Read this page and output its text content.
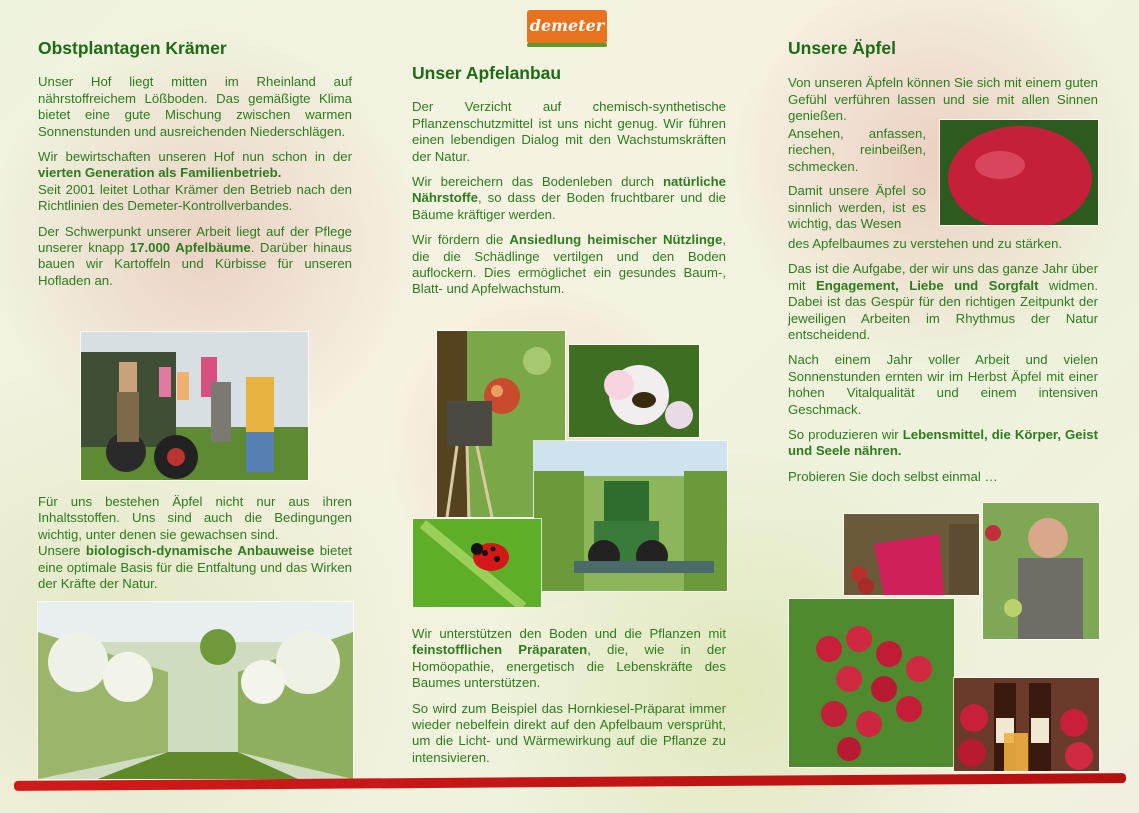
demeter
Obstplantagen Krämer

Unser Hof liegt mitten im Rheinland auf nährstoffreichem Lößboden. Das gemäßigte Klima bietet eine gute Mischung zwischen warmen Sonnenstunden und ausreichenden Niederschlägen.

Wir bewirtschaften unseren Hof nun schon in der vierten Generation als Familienbetrieb.

Seit 2001 leitet Lothar Krämer den Betrieb nach den Richtlinien des Demeter-Kontrollverbandes.

Der Schwerpunkt unserer Arbeit liegt auf der Pflege unserer knapp 17.000 Apfelbäume. Darüber hinaus bauen wir Kartoffeln und Kürbisse für unseren Hofladen an.

Für uns bestehen Äpfel nicht nur aus ihren Inhaltsstoffen. Uns sind auch die Bedingungen wichtig, unter denen sie gewachsen sind.

Unsere biologisch-dynamische Anbauweise bietet eine optimale Basis für die Entfaltung und das Wirken der Kräfte der Natur.

Unser Apfelanbau

Der Verzicht auf chemisch-synthetische Pflanzenschutzmittel ist uns nicht genug. Wir führen einen lebendigen Dialog mit den Wachstumskräften der Natur.

Wir bereichern das Bodenleben durch natürliche Nährstoffe, so dass der Boden fruchtbarer und die Bäume kräftiger werden.

Wir fördern die Ansiedlung heimischer Nützlinge, die die Schädlinge vertilgen und den Boden auflockern. Dies ermöglichet ein gesundes Baum-, Blatt- und Apfelwachstum.

Wir unterstützen den Boden und die Pflanzen mit feinstofflichen Präparaten, die, wie in der Homöopathie, energetisch die Lebenskräfte des Baumes unterstützen.

So wird zum Beispiel das Hornkiesel-Präparat immer wieder nebelfein direkt auf den Apfelbaum versprüht, um die Licht- und Wärmewirkung auf die Pflanze zu intensivieren.

Unsere Äpfel

Von unseren Äpfeln können Sie sich mit einem guten Gefühl verführen lassen und sie mit allen Sinnen genießen.

Ansehen, anfassen, riechen, reinbeißen, schmecken.

Damit unsere Äpfel so sinnlich werden, ist es wichtig, das Wesen

des Apfelbaumes zu verstehen und zu stärken.

Das ist die Aufgabe, der wir uns das ganze Jahr über mit Engagement, Liebe und Sorgfalt widmen. Dabei ist das Gespür für den richtigen Zeitpunkt der jeweiligen Arbeiten im Rhythmus der Natur entscheidend.

Nach einem Jahr voller Arbeit und vielen Sonnenstunden ernten wir im Herbst Äpfel mit einer hohen Vitalqualität und einem intensiven Geschmack.

So produzieren wir Lebensmittel, die Körper, Geist und Seele nähren.

Probieren Sie doch selbst einmal …
